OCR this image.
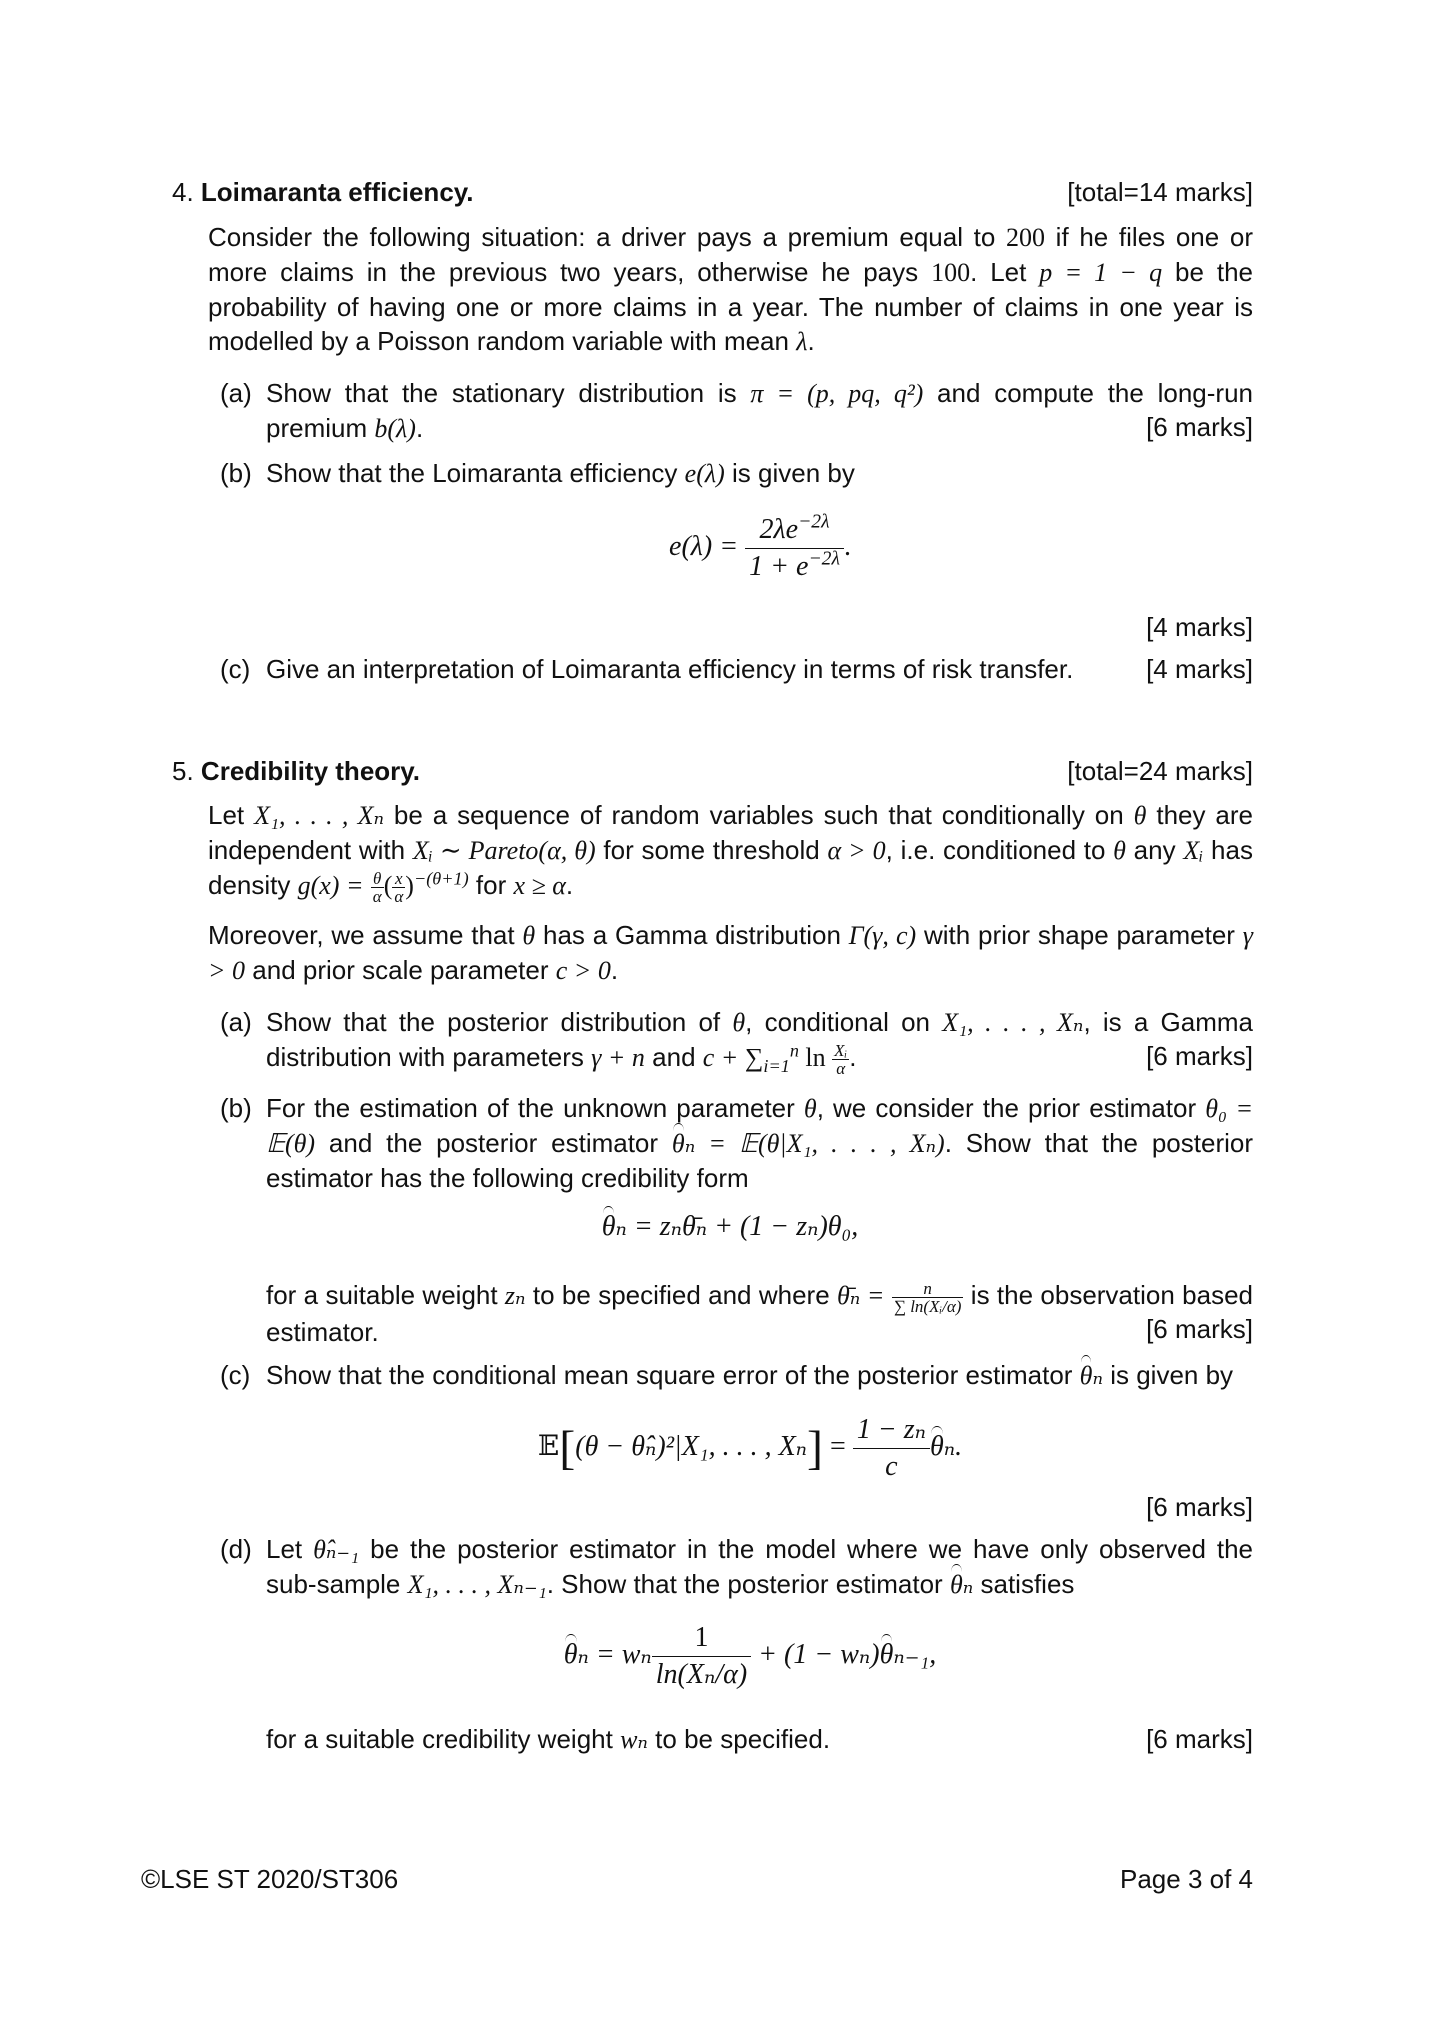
4. Loimaranta efficiency.	[total=14 marks]
Consider the following situation: a driver pays a premium equal to 200 if he files one or more claims in the previous two years, otherwise he pays 100. Let p = 1 − q be the probability of having one or more claims in a year. The number of claims in one year is modelled by a Poisson random variable with mean λ.
(a) Show that the stationary distribution is π = (p, pq, q²) and compute the long-run premium b(λ).	[6 marks]
(b) Show that the Loimaranta efficiency e(λ) is given by
$e(\lambda) = \frac{2\lambda e^{-2\lambda}}{1 + e^{-2\lambda}}$ .
[4 marks]
(c) Give an interpretation of Loimaranta efficiency in terms of risk transfer.	[4 marks]
5. Credibility theory.	[total=24 marks]
Let X₁, . . . , Xₙ be a sequence of random variables such that conditionally on θ they are independent with Xᵢ ∼ Pareto(α, θ) for some threshold α > 0, i.e. conditioned to θ any Xᵢ has density $g(x) = \frac{\theta}{\alpha}$ ( $\frac{x}{\alpha} )^{-(\theta+1)}$ for x ≥ α.
Moreover, we assume that θ has a Gamma distribution Γ(γ, c) with prior shape parameter γ > 0 and prior scale parameter c > 0.
(a) Show that the posterior distribution of θ, conditional on X₁, . . . , Xₙ, is a Gamma distribution with parameters γ + n and $c + \sum_{i=1}^n$ $\ln \frac{\text{Xᵢ}}{\alpha}$ .	[6 marks]
(b) For the estimation of the unknown parameter θ, we consider the prior estimator θ₀ = 𝔼(θ) and the posterior estimator θₙ = 𝔼(θ|X₁, . . . , Xₙ). Show that the posterior estimator has the following credibility form
θₙ = zₙθ̄ₙ + (1 − zₙ)θ₀,
for a suitable weight zₙ to be specified and where θ̄ₙ = $\frac{n}{\text{∑ ln(Xᵢ/α)}}$ is the observation based estimator.	[6 marks]
(c) Show that the conditional mean square error of the posterior estimator θₙ is given by
𝔼[(θ − θ̂ₙ)²|X₁, . . . , $X_n] = \frac{\text{1 − zₙ}}{c} \theta_n$.
[6 marks]
(d) Let θ̂ₙ₋₁ be the posterior estimator in the model where we have only observed the sub-sample X₁, . . . , Xₙ₋₁. Show that the posterior estimator θₙ satisfies
θₙ = wₙ $\frac{1}{\text{ln(Xₙ/α)}} + (1 - w_n)\theta_{n-1}$,
for a suitable credibility weight wₙ to be specified.	[6 marks]
©LSE ST 2020/ST306	Page 3 of 4
